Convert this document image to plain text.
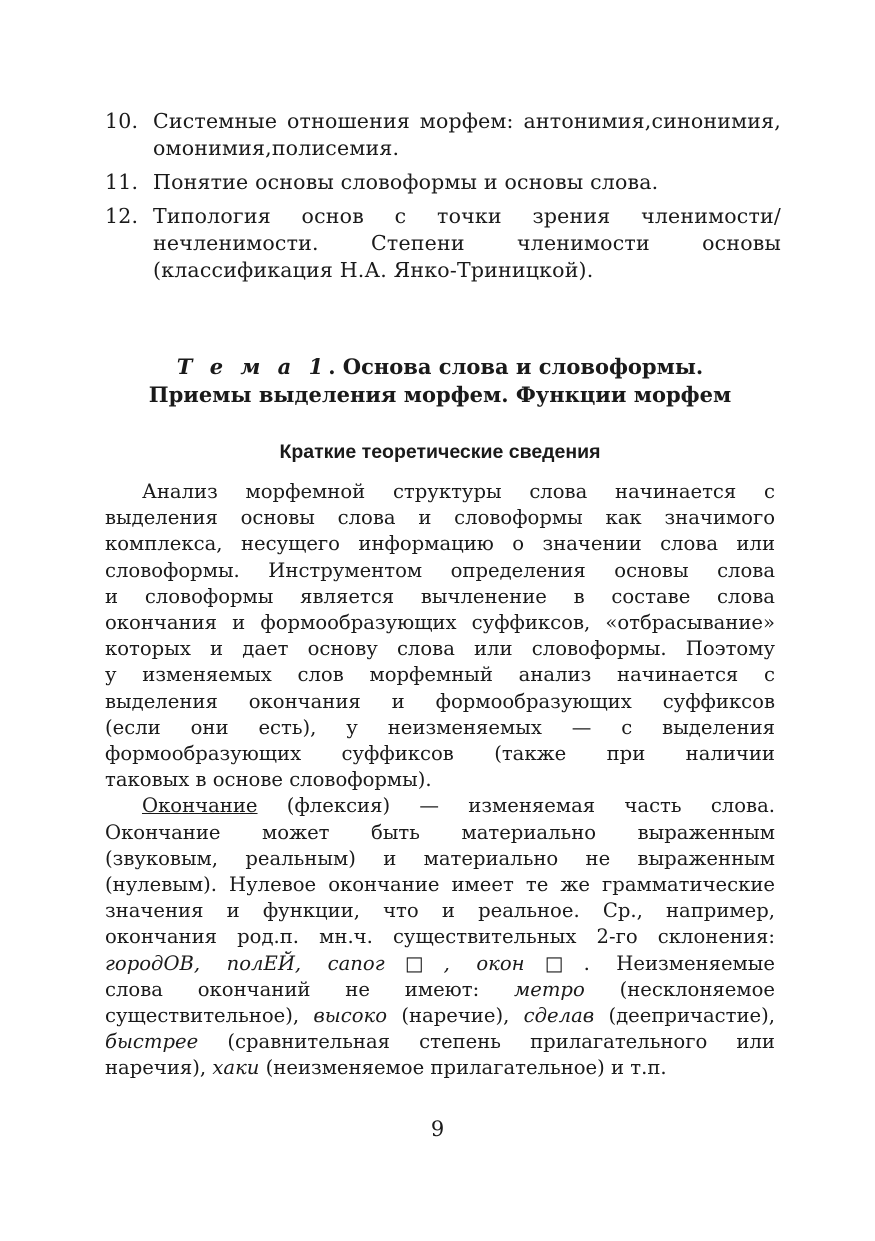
10. Системные отношения морфем: антонимия,синонимия,
омонимия,полисемия.
11. Понятие основы словоформы и основы слова.
12. Типология основ с точки зрения членимости/
нечленимости. Степени членимости основы
(классификация Н.А. Янко-Триницкой).
Т е м а 1. Основа слова и словоформы.
Приемы выделения морфем. Функции морфем
Краткие теоретические сведения
Анализ морфемной структуры слова начинается с
выделения основы слова и словоформы как значимого
комплекса, несущего информацию о значении слова или
словоформы. Инструментом определения основы слова
и словоформы является вычленение в составе слова
окончания и формообразующих суффиксов, «отбрасывание»
которых и дает основу слова или словоформы. Поэтому
у изменяемых слов морфемный анализ начинается с
выделения окончания и формообразующих суффиксов
(если они есть), у неизменяемых — с выделения
формообразующих суффиксов (также при наличии
таковых в основе словоформы).
Окончание (флексия) — изменяемая часть слова.
Окончание может быть материально выраженным
(звуковым, реальным) и материально не выраженным
(нулевым). Нулевое окончание имеет те же грамматические
значения и функции, что и реальное. Ср., например,
окончания род.п. мн.ч. существительных 2-го склонения:
городОВ, полЕЙ, сапог□, окон□. Неизменяемые
слова окончаний не имеют: метро (несклоняемое
существительное), высоко (наречие), сделав (деепричастие),
быстрее (сравнительная степень прилагательного или
наречия), хаки (неизменяемое прилагательное) и т.п.
9
